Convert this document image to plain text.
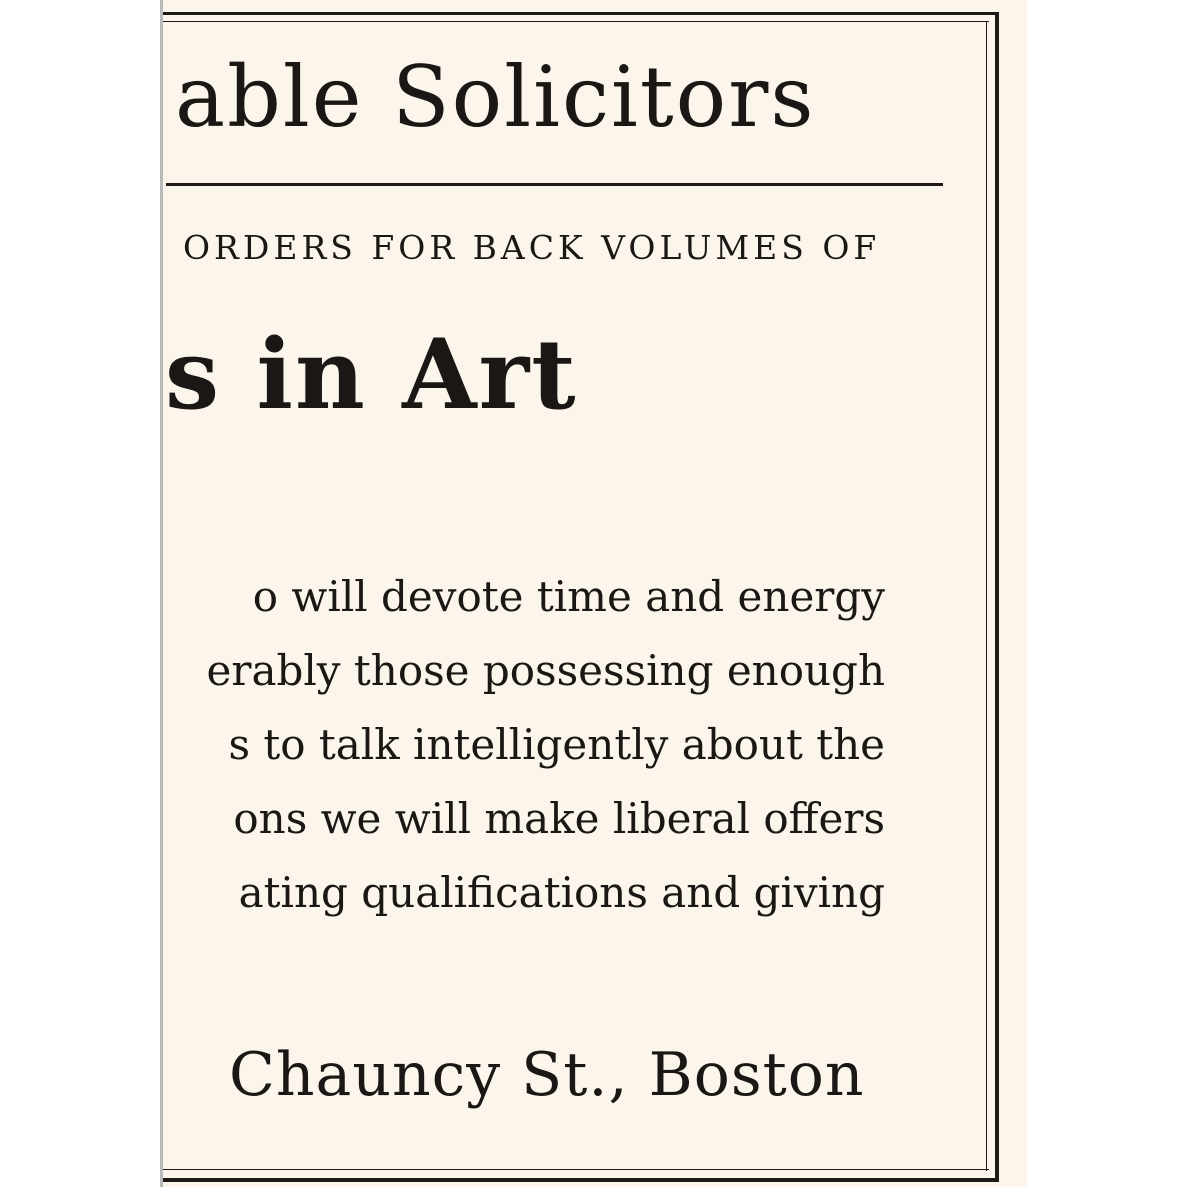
able Solicitors
ORDERS FOR BACK VOLUMES OF
s in Art
o will devote time and energy
erably those possessing enough
s to talk intelligently about the
ons we will make liberal offers
ating qualifications and giving
Chauncy St., Boston
